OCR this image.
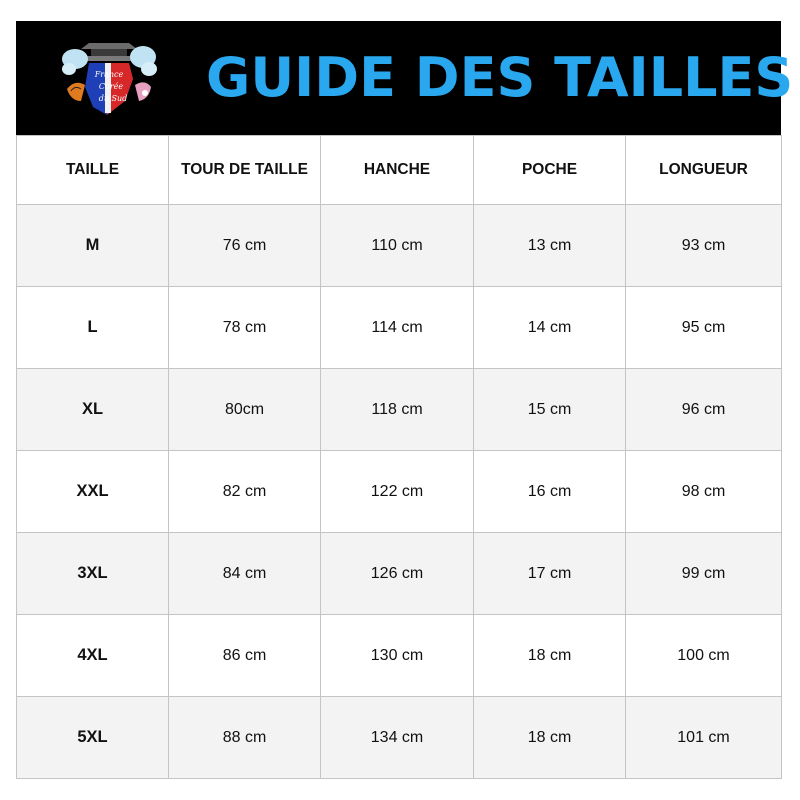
France
Corée
du Sud GUIDE DES TAILLES
TAILLE	TOUR DE TAILLE	HANCHE	POCHE	LONGUEUR
M	76 cm	110 cm	13 cm	93 cm
L	78 cm	114 cm	14 cm	95 cm
XL	80cm	118 cm	15 cm	96 cm
XXL	82 cm	122 cm	16 cm	98 cm
3XL	84 cm	126 cm	17 cm	99 cm
4XL	86 cm	130 cm	18 cm	100 cm
5XL	88 cm	134 cm	18 cm	101 cm
